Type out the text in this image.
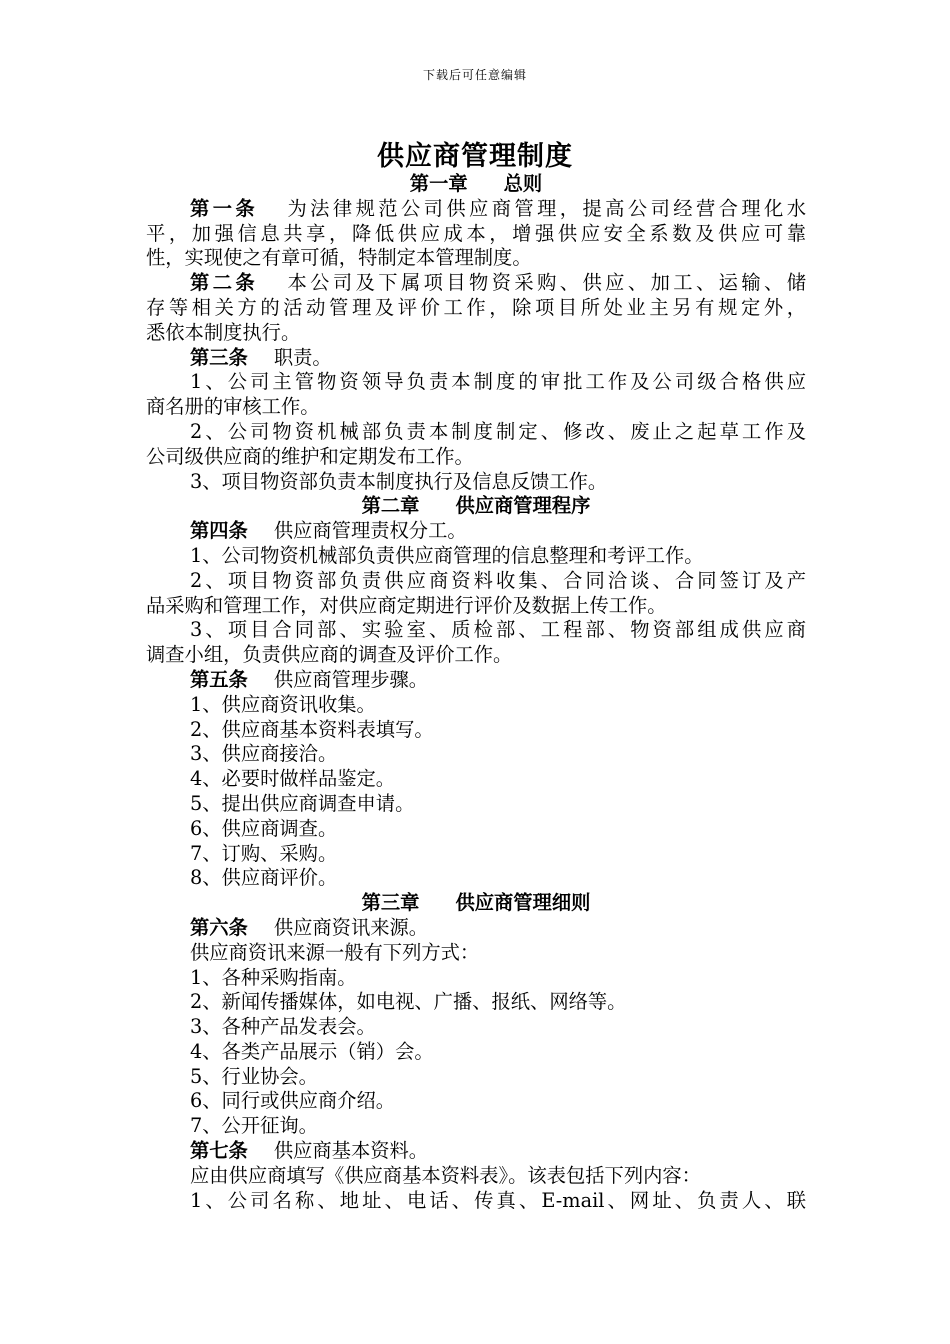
下载后可任意编辑
供应商管理制度
第一章 总则
第一条 为法律规范公司供应商管理，提高公司经营合理化水
平，加强信息共享，降低供应成本，增强供应安全系数及供应可靠
性，实现使之有章可循，特制定本管理制度。
第二条 本公司及下属项目物资采购、供应、加工、运输、储
存等相关方的活动管理及评价工作，除项目所处业主另有规定外，
悉依本制度执行。
第三条 职责。
1、公司主管物资领导负责本制度的审批工作及公司级合格供应
商名册的审核工作。
2、公司物资机械部负责本制度制定、修改、废止之起草工作及
公司级供应商的维护和定期发布工作。
3、项目物资部负责本制度执行及信息反馈工作。
第二章 供应商管理程序
第四条 供应商管理责权分工。
1、公司物资机械部负责供应商管理的信息整理和考评工作。
2、项目物资部负责供应商资料收集、合同洽谈、合同签订及产
品采购和管理工作，对供应商定期进行评价及数据上传工作。
3、项目合同部、实验室、质检部、工程部、物资部组成供应商
调查小组，负责供应商的调查及评价工作。
第五条 供应商管理步骤。
1、供应商资讯收集。
2、供应商基本资料表填写。
3、供应商接洽。
4、必要时做样品鉴定。
5、提出供应商调查申请。
6、供应商调查。
7、订购、采购。
8、供应商评价。
第三章 供应商管理细则
第六条 供应商资讯来源。
供应商资讯来源一般有下列方式：
1、各种采购指南。
2、新闻传播媒体，如电视、广播、报纸、网络等。
3、各种产品发表会。
4、各类产品展示（销）会。
5、行业协会。
6、同行或供应商介绍。
7、公开征询。
第七条 供应商基本资料。
应由供应商填写《供应商基本资料表》。该表包括下列内容：
1、公司名称、地址、电话、传真、E-mail、网址、负责人、联
